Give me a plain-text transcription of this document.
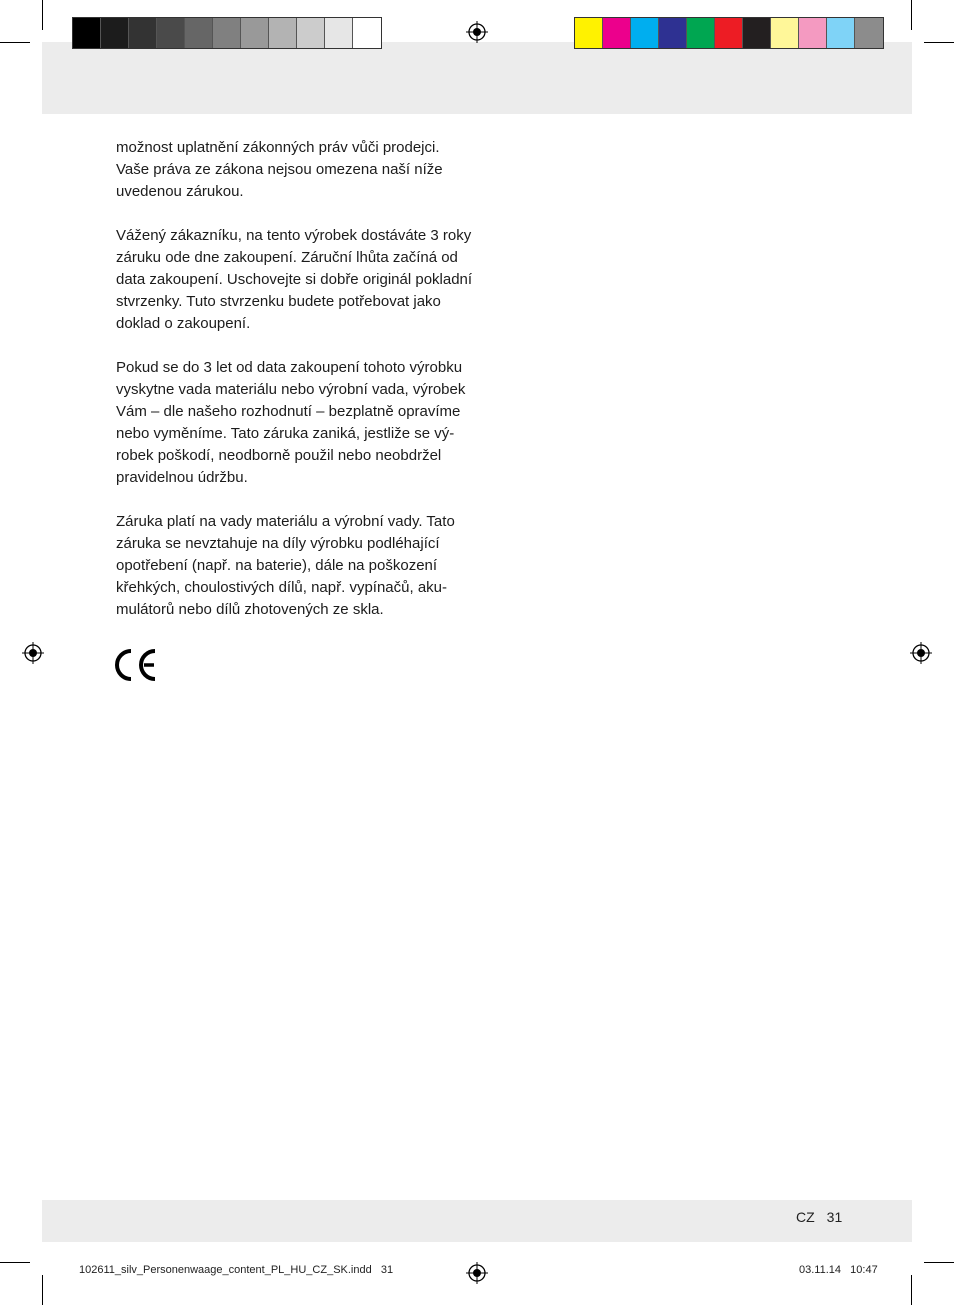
možnost uplatnění zákonných práv vůči prodejci.
Vaše práva ze zákona nejsou omezena naší níže
uvedenou zárukou.

Vážený zákazníku, na tento výrobek dostáváte 3 roky
záruku ode dne zakoupení. Záruční lhůta začíná od
data zakoupení. Uschovejte si dobře originál pokladní
stvrzenky. Tuto stvrzenku budete potřebovat jako
doklad o zakoupení.

Pokud se do 3 let od data zakoupení tohoto výrobku
vyskytne vada materiálu nebo výrobní vada, výrobek
Vám – dle našeho rozhodnutí – bezplatně opravíme
nebo vyměníme. Tato záruka zaniká, jestliže se vý-
robek poškodí, neodborně použil nebo neobdržel
pravidelnou údržbu.

Záruka platí na vady materiálu a výrobní vady. Tato
záruka se nevztahuje na díly výrobku podléhající
opotřebení (např. na baterie), dále na poškození
křehkých, choulostivých dílů, např. vypínačů, aku-
mulátorů nebo dílů zhotovených ze skla.

CZ 31
102611_silv_Personenwaage_content_PL_HU_CZ_SK.indd   31	03.11.14   10:47
